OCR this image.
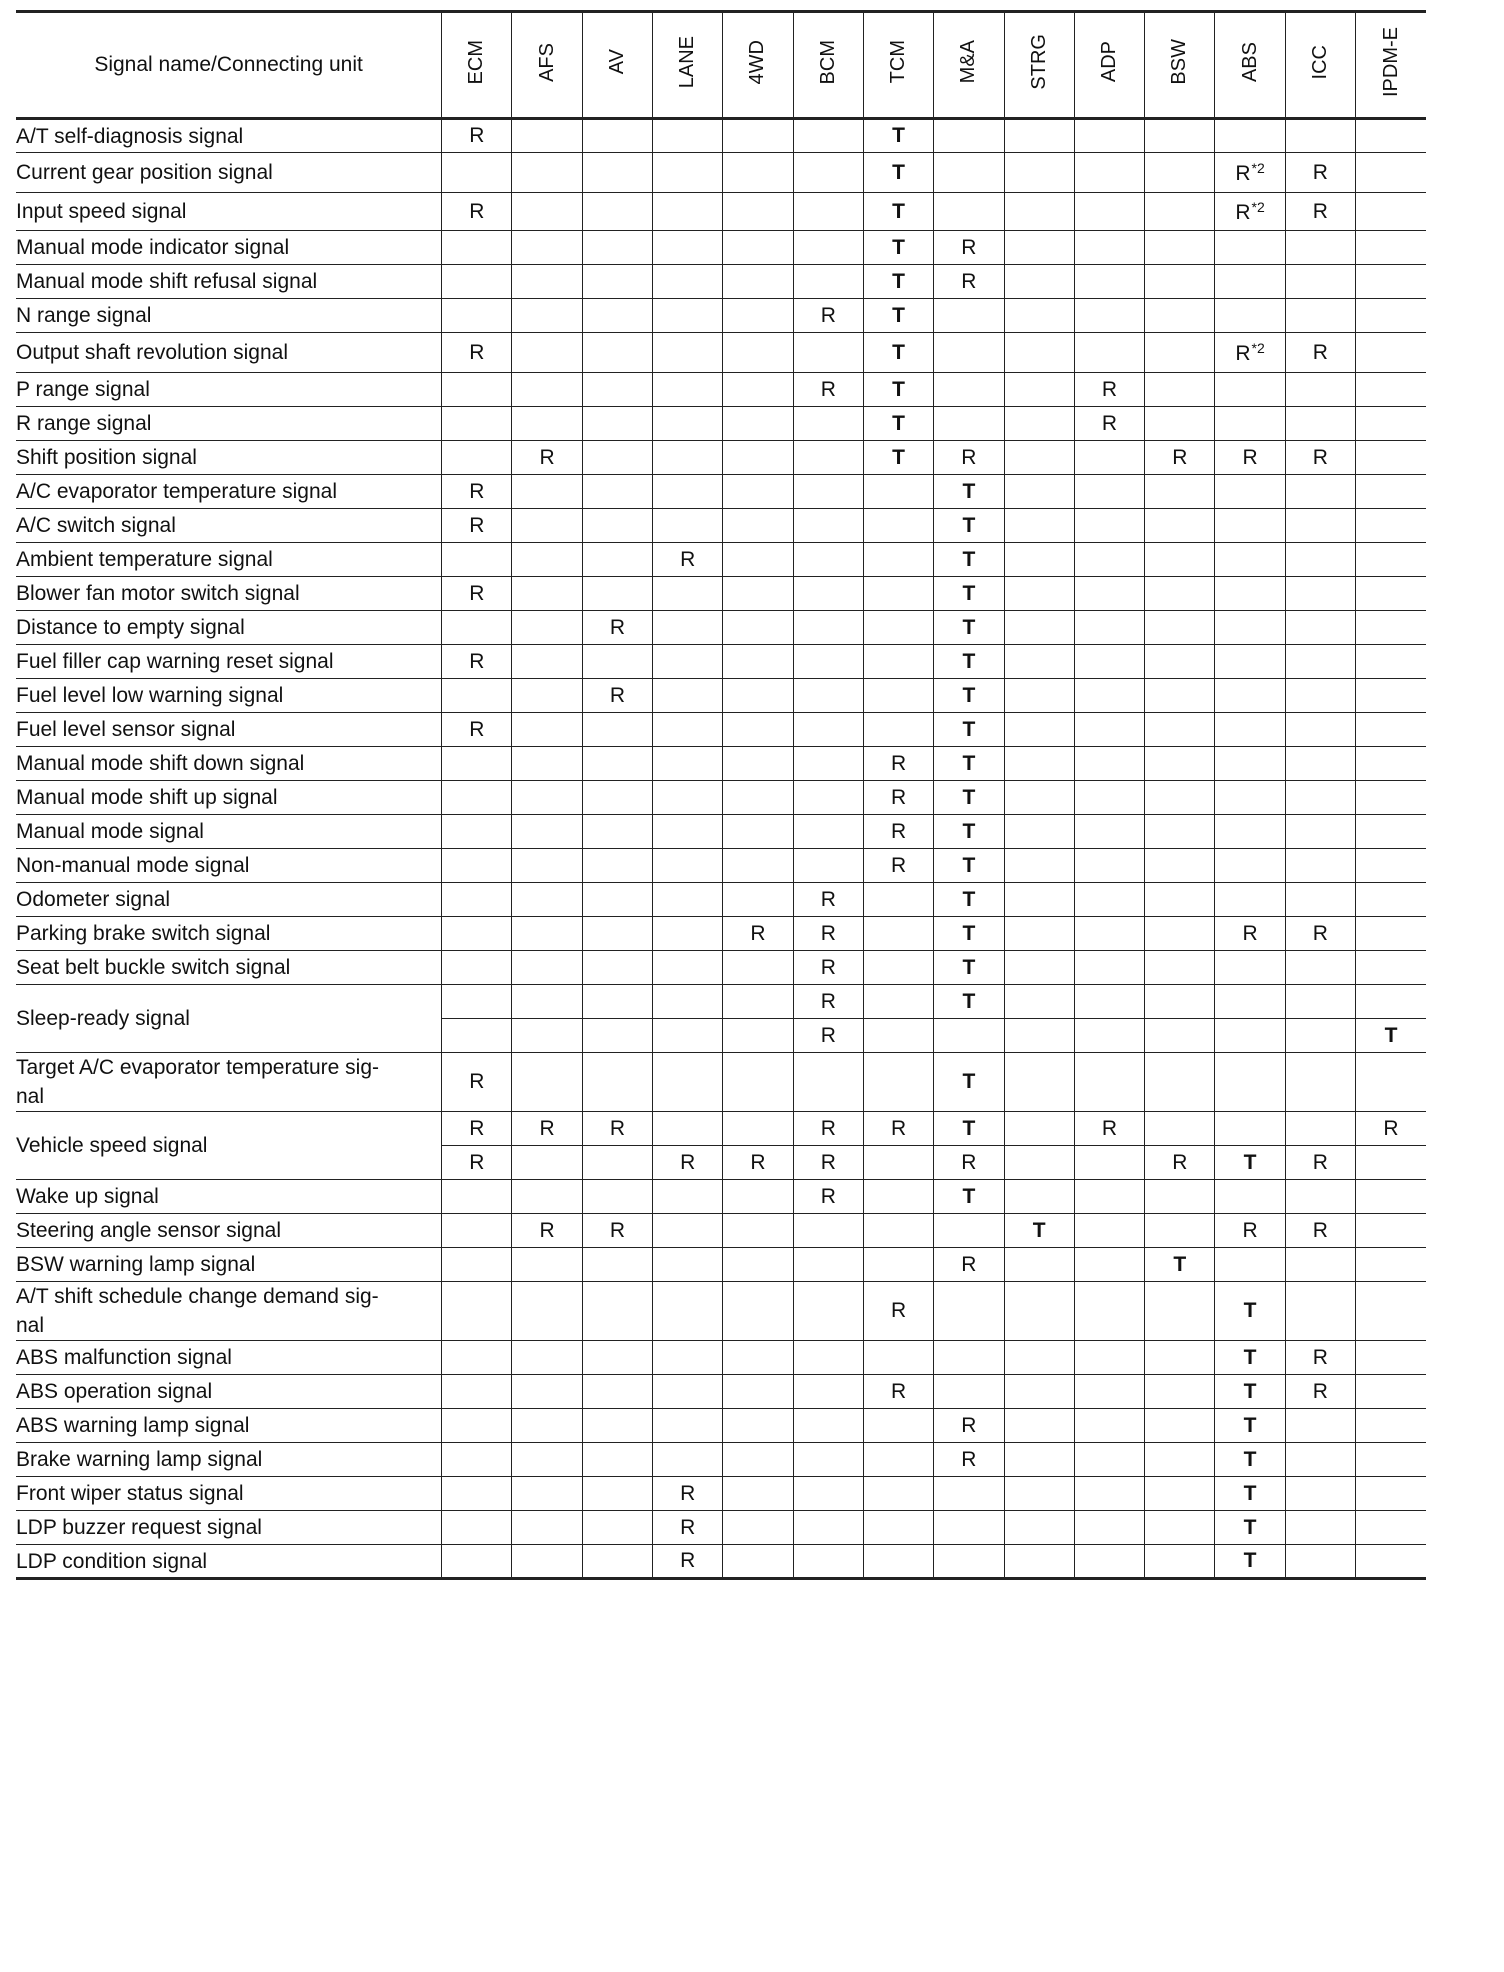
Signal name/Connecting unit	ECM	AFS	AV	LANE	4WD	BCM	TCM	M&A	STRG	ADP	BSW	ABS	ICC	IPDM-E
A/T self-diagnosis signal	R						T							
Current gear position signal							T					$R^{*2}$	R	
Input speed signal	R						T					$R^{*2}$	R	
Manual mode indicator signal							T	R						
Manual mode shift refusal signal							T	R						
N range signal						R	T							
Output shaft revolution signal	R						T					$R^{*2}$	R	
P range signal						R	T			R				
R range signal							T			R				
Shift position signal		R					T	R			R	R	R	
A/C evaporator temperature signal	R							T						
A/C switch signal	R							T						
Ambient temperature signal				R				T						
Blower fan motor switch signal	R							T						
Distance to empty signal			R					T						
Fuel filler cap warning reset signal	R							T						
Fuel level low warning signal			R					T						
Fuel level sensor signal	R							T						
Manual mode shift down signal							R	T						
Manual mode shift up signal							R	T						
Manual mode signal							R	T						
Non-manual mode signal							R	T						
Odometer signal						R		T						
Parking brake switch signal					R	R		T				R	R	
Seat belt buckle switch signal						R		T						
Sleep-ready signal						R		T						
						R								T
Target A/C evaporator temperature sig-
nal	R							T						
Vehicle speed signal	R	R	R			R	R	T		R				R
	R			R	R	R		R			R	T	R	
Wake up signal						R		T						
Steering angle sensor signal		R	R						T			R	R	
BSW warning lamp signal								R			T			
A/T shift schedule change demand sig-
nal							R					T		
ABS malfunction signal												T	R	
ABS operation signal							R					T	R	
ABS warning lamp signal								R				T		
Brake warning lamp signal								R				T		
Front wiper status signal				R								T		
LDP buzzer request signal				R								T		
LDP condition signal				R								T		
